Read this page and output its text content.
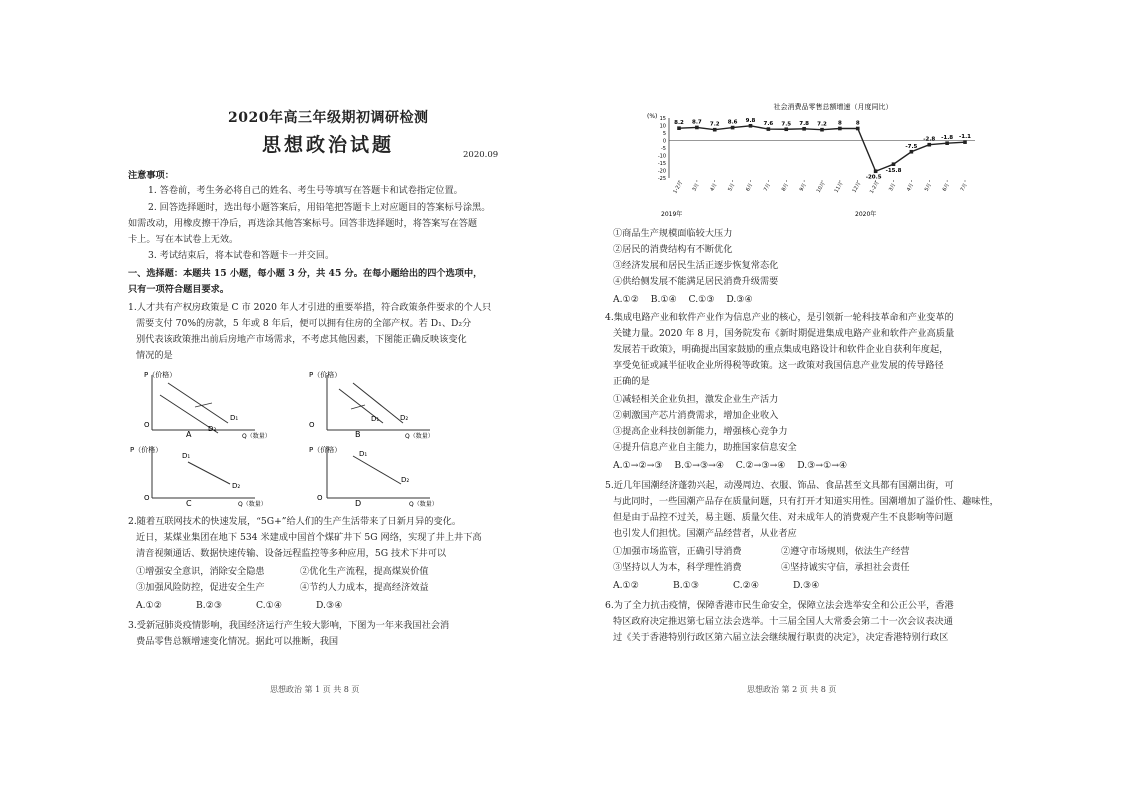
2020年高三年级期初调研检测
思想政治试题	2020.09
注意事项：
1. 答卷前，考生务必将自己的姓名、考生号等填写在答题卡和试卷指定位置。
2. 回答选择题时，选出每小题答案后，用铅笔把答题卡上对应题目的答案标号涂黑。
如需改动，用橡皮擦干净后，再选涂其他答案标号。回答非选择题时，将答案写在答题
卡上。写在本试卷上无效。
3. 考试结束后，将本试卷和答题卡一并交回。
一、选择题：本题共 15 小题，每小题 3 分，共 45 分。在每小题给出的四个选项中，
只有一项符合题目要求。
1.人才共有产权房政策是 C 市 2020 年人才引进的重要举措，符合政策条件要求的个人只
需要支付 70%的房款，5 年或 8 年后，便可以拥有住房的全部产权。若 D₁、D₂分
别代表该政策推出前后房地产市场需求，不考虑其他因素，下图能正确反映该变化
情况的是
P（价格）
O
D₁
D₂
A	Q（数量）
P（价格）
O
D₁	D₂
B	Q（数量）
P（价格）
O
D₁
D₂
C	Q（数量）
P（价格）
O
D₁
D₂
D	Q（数量）
2.随着互联网技术的快速发展，“5G+”给人们的生产生活带来了日新月异的变化。
近日，某煤业集团在地下 534 米建成中国首个煤矿井下 5G 网络，实现了井上井下高
清音视频通话、数据快速传输、设备远程监控等多种应用，5G 技术下井可以
①增强安全意识，消除安全隐患	②优化生产流程，提高煤炭价值
③加强风险防控，促进安全生产	④节约人力成本，提高经济效益
A.①②	B.②③	C.①④	D.③④
3.受新冠肺炎疫情影响，我国经济运行产生较大影响，下图为一年来我国社会消
费品零售总额增速变化情况。据此可以推断，我国
思想政治 第 1 页 共 8 页
社会消费品零售总额增速（月度同比）
(%) 15
10
5
0
-5
-10
-15
-20
-25
8.2 8.7 7.2 8.6 9.8
7.6 7.5 7.8 7.2 8	8
-20.5
-15.8
-7.5
-2.8 -1.8 -1.1
1-2月 3月 4月 5月 6月 7月 8月 9月 10月 11月 12月 1-2月 3月 4月 5月 6月 7月
2019年	2020年
①商品生产规模面临较大压力
②居民的消费结构有不断优化
③经济发展和居民生活正逐步恢复常态化
④供给侧发展不能满足居民消费升级需要
A.①②    B.①④    C.①③    D.③④
4.集成电路产业和软件产业作为信息产业的核心，是引领新一轮科技革命和产业变革的
关键力量。2020 年 8 月，国务院发布《新时期促进集成电路产业和软件产业高质量
发展若干政策》，明确提出国家鼓励的重点集成电路设计和软件企业自获利年度起，
享受免征或减半征收企业所得税等政策。这一政策对我国信息产业发展的传导路径
正确的是
①减轻相关企业负担，激发企业生产活力
②刺激国产芯片消费需求，增加企业收入
③提高企业科技创新能力，增强核心竞争力
④提升信息产业自主能力，助推国家信息安全
A.①→②→③    B.①→③→④    C.②→③→④    D.③→①→④
5.近几年国潮经济蓬勃兴起，动漫周边、衣服、饰品、食品甚至文具都有国潮出街，可
与此同时，一些国潮产品存在质量问题，只有打开才知道实用性。国潮增加了溢价性、趣味性，
但是由于品控不过关，易主题、质量欠佳、对未成年人的消费观产生不良影响等问题
也引发人们担忧。国潮产品经营者，从业者应
①加强市场监管，正确引导消费	②遵守市场规则，依法生产经营
③坚持以人为本，科学理性消费	④坚持诚实守信，承担社会责任
A.①②	B.①③	C.②④	D.③④
6.为了全力抗击疫情，保障香港市民生命安全，保障立法会选举安全和公正公平，香港
特区政府决定推迟第七届立法会选举。十三届全国人大常委会第二十一次会议表决通
过《关于香港特别行政区第六届立法会继续履行职责的决定》，决定香港特别行政区
思想政治 第 2 页 共 8 页
